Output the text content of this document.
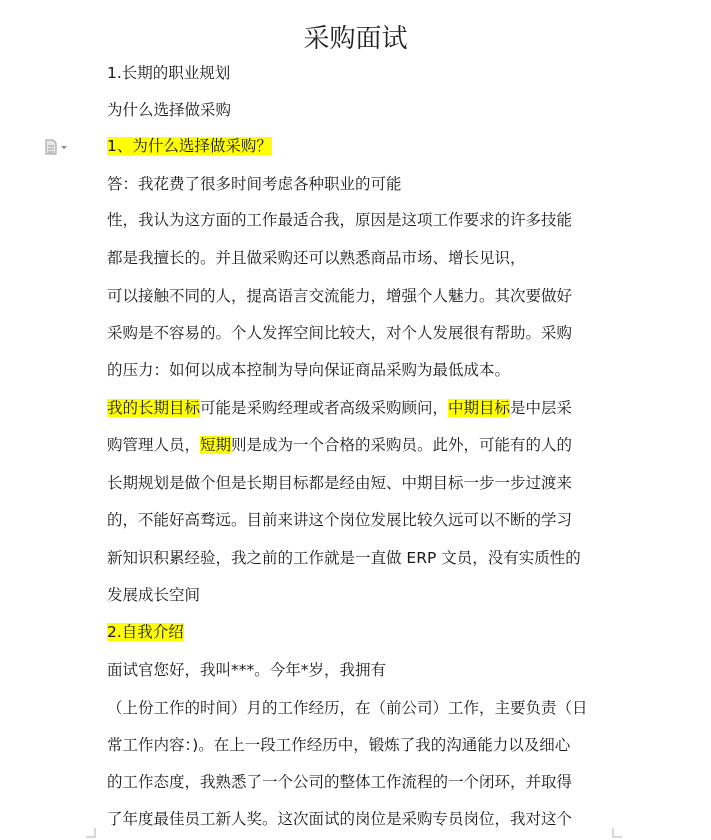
采购面试
1.长期的职业规划
为什么选择做采购
1、为什么选择做采购？
答：我花费了很多时间考虑各种职业的可能
性，我认为这方面的工作最适合我，原因是这项工作要求的许多技能
都是我擅长的。并且做采购还可以熟悉商品市场、增长见识，
可以接触不同的人，提高语言交流能力，增强个人魅力。其次要做好
采购是不容易的。个人发挥空间比较大，对个人发展很有帮助。采购
的压力：如何以成本控制为导向保证商品采购为最低成本。
我的长期目标可能是采购经理或者高级采购顾问，中期目标是中层采
购管理人员，短期则是成为一个合格的采购员。此外，可能有的人的
长期规划是做个但是长期目标都是经由短、中期目标一步一步过渡来
的，不能好高骛远。目前来讲这个岗位发展比较久远可以不断的学习
新知识积累经验，我之前的工作就是一直做 ERP 文员，没有实质性的
发展成长空间
2.自我介绍
面试官您好，我叫***。今年*岁，我拥有
（上份工作的时间）月的工作经历，在（前公司）工作，主要负责（日
常工作内容：)。在上一段工作经历中，锻炼了我的沟通能力以及细心
的工作态度，我熟悉了一个公司的整体工作流程的一个闭环，并取得
了年度最佳员工新人奖。这次面试的岗位是采购专员岗位，我对这个
